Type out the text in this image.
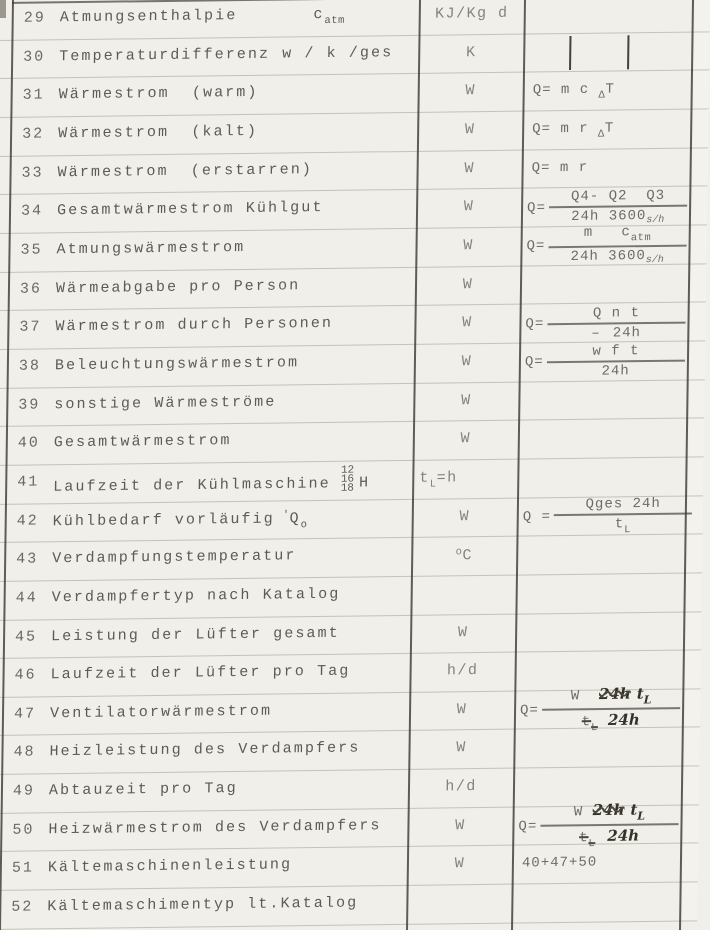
29 Atmungsenthalpie	$c_{atm}$	KJ/Kg d
30 Temperaturdifferenz w / k /ges	K
31 Wärmestrom  (warm)	W	Q= m c $_\Delta$T
32 Wärmestrom  (kalt)	W	Q= m r $_\Delta$T
33 Wärmestrom  (erstarren)	W	Q= m r
34 Gesamtwärmestrom Kühlgut	W	Q=
Q4- Q2  Q3
24h $3600_{s/h}$
35 Atmungswärmestrom	W	Q=
m   $c_{atm}$
24h $3600_{s/h}$
36 Wärmeabgabe pro Person	W
37 Wärmestrom durch Personen	W	Q=
Q n t
– 24h
38 Beleuchtungswärmestrom	W	Q=
w f t
24h
39 sonstige Wärmeströme	W
40 Gesamtwärmestrom	W
41 Laufzeit der Kühlmaschine
12
16
18 H	$t_L=h$
42 Kühlbedarf vorläufig $'Q_o$	W	Q =
Qges 24h
$t_L$
43 Verdampfungstemperatur	$^o$C
44 Verdampfertyp nach Katalog
45 Leistung der Lüfter gesamt	W
46 Laufzeit der Lüfter pro Tag	h/d
47 Ventilatorwärmestrom	W	Q=
W  24h $t_L$
$t_L$ 24h
48 Heizleistung des Verdampfers	W
49 Abtauzeit pro Tag	h/d
50 Heizwärmestrom des Verdampfers	W	Q=
W 24h $t_L$
$t_L$ 24h
51 Kältemaschinenleistung	W	40+47+50
52 Kältemaschimentyp lt.Katalog
